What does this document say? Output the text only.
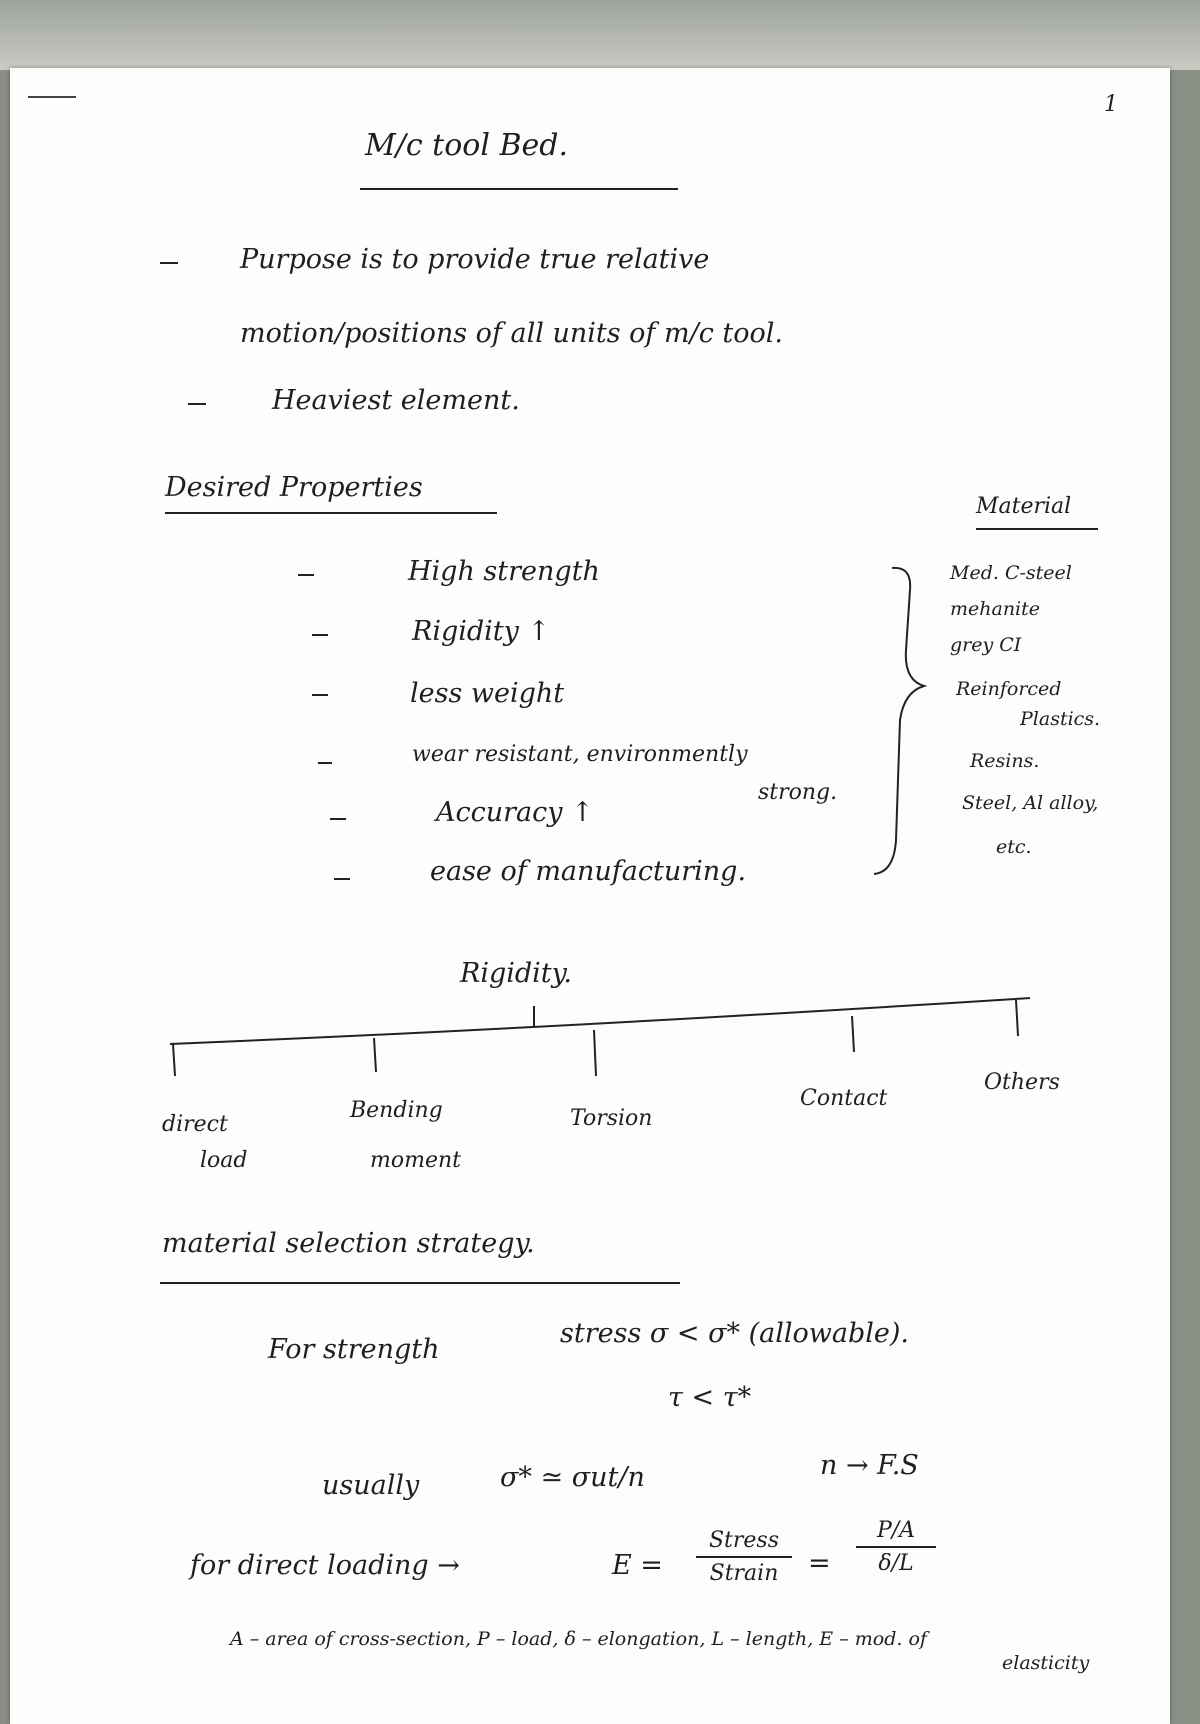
1
M/c tool Bed.
Purpose is to provide true relative
motion/positions of all units of m/c tool.
Heaviest element.
Desired Properties
High strength
Rigidity ↑
less weight
wear resistant, environmently
strong.
Accuracy ↑
ease of manufacturing.
Material
Med. C-steel
mehanite
grey CI
Reinforced
Plastics.
Resins.
Steel, Al alloy,
etc.
Rigidity.
direct
load
Bending
moment
Torsion
Contact
Others
material selection strategy.
For strength
stress σ < σ* (allowable).
τ < τ*
usually	σ* ≃ σut/n	n → F.S
for direct loading →	E =
Stress
Strain	=
P/A
δ/L
A – area of cross-section, P – load, δ – elongation, L – length, E – mod. of
elasticity
